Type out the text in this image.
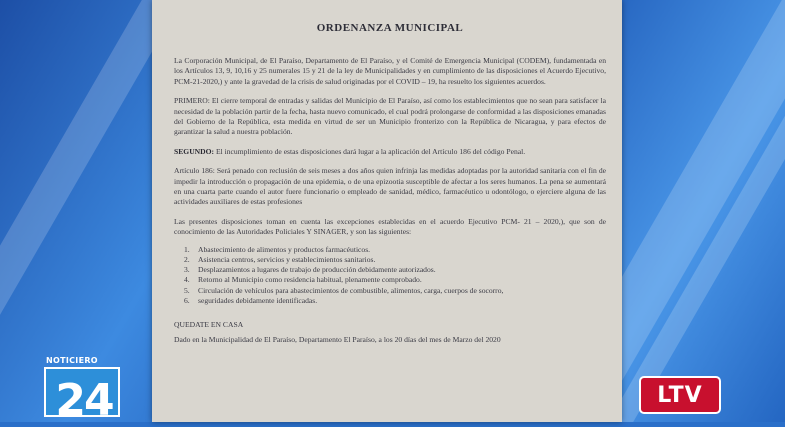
ORDENANZA MUNICIPAL

La Corporación Municipal, de El Paraíso, Departamento de El Paraíso, y el Comité de Emergencia Municipal (CODEM), fundamentada en los Artículos 13, 9, 10,16 y 25 numerales 15 y 21 de la ley de Municipalidades y en cumplimiento de las disposiciones el Acuerdo Ejecutivo, PCM-21-2020,) y ante la gravedad de la crisis de salud originadas por el COVID – 19, ha resuelto los siguientes acuerdos.

PRIMERO: El cierre temporal de entradas y salidas del Municipio de El Paraíso, así como los establecimientos que no sean para satisfacer la necesidad de la población partir de la fecha, hasta nuevo comunicado, el cual podrá prolongarse de conformidad a las disposiciones emanadas del Gobierno de la República, esta medida en virtud de ser un Municipio fronterizo con la República de Nicaragua, y para efectos de garantizar la salud a nuestra población.

SEGUNDO: El incumplimiento de estas disposiciones dará lugar a la aplicación del Artículo 186 del código Penal.

Artículo 186: Será penado con reclusión de seis meses a dos años quien infrinja las medidas adoptadas por la autoridad sanitaria con el fin de impedir la introducción o propagación de una epidemia, o de una epizootia susceptible de afectar a los seres humanos. La pena se aumentará en una cuarta parte cuando el autor fuere funcionario o empleado de sanidad, médico, farmacéutico u odontólogo, o ejerciere alguna de las actividades auxiliares de estas profesiones

Las presentes disposiciones toman en cuenta las excepciones establecidas en el acuerdo Ejecutivo PCM- 21 – 2020,), que son de conocimiento de las Autoridades Policiales Y SINAGER, y son las siguientes:

1.	Abastecimiento de alimentos y productos farmacéuticos.
2.	Asistencia centros, servicios y establecimientos sanitarios.
3.	Desplazamientos a lugares de trabajo de producción debidamente autorizados.
4.	Retorno al Municipio como residencia habitual, plenamente comprobado.
5.	Circulación de vehículos para abastecimientos de combustible, alimentos, carga, cuerpos de socorro,
6.	seguridades debidamente identificadas.
QUEDATE EN CASA
Dado en la Municipalidad de El Paraíso, Departamento El Paraíso, a los 20 días del mes de Marzo del 2020
NOTICIERO
24	LTV
